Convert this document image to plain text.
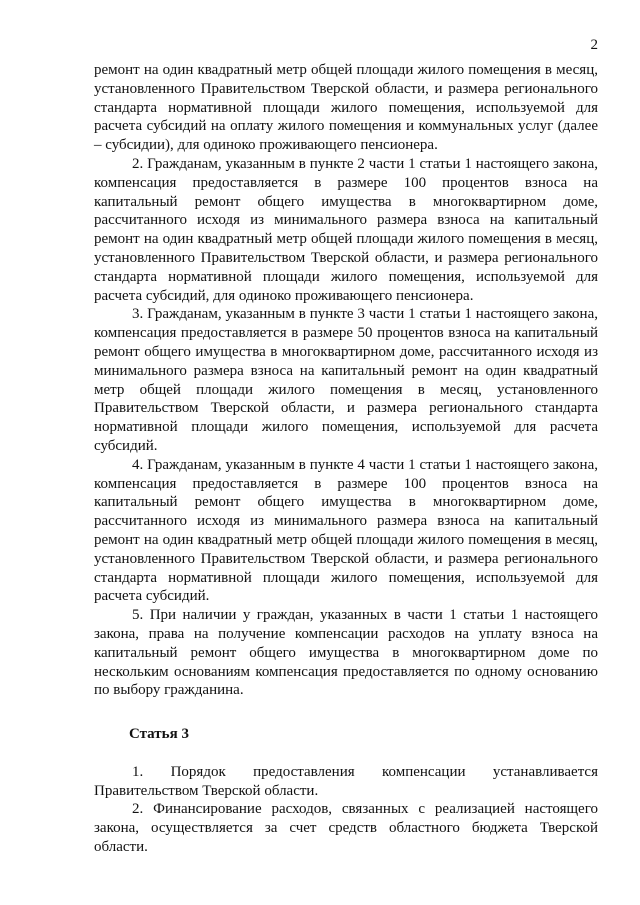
2

ремонт на один квадратный метр общей площади жилого помещения в месяц, установленного Правительством Тверской области, и размера регионального стандарта нормативной площади жилого помещения, используемой для расчета субсидий на оплату жилого помещения и коммунальных услуг (далее – субсидии), для одиноко проживающего пенсионера.

2. Гражданам, указанным в пункте 2 части 1 статьи 1 настоящего закона, компенсация предоставляется в размере 100 процентов взноса на капитальный ремонт общего имущества в многоквартирном доме, рассчитанного исходя из минимального размера взноса на капитальный ремонт на один квадратный метр общей площади жилого помещения в месяц, установленного Правительством Тверской области, и размера регионального стандарта нормативной площади жилого помещения, используемой для расчета субсидий, для одиноко проживающего пенсионера.

3. Гражданам, указанным в пункте 3 части 1 статьи 1 настоящего закона, компенсация предоставляется в размере 50 процентов взноса на капитальный ремонт общего имущества в многоквартирном доме, рассчитанного исходя из минимального размера взноса на капитальный ремонт на один квадратный метр общей площади жилого помещения в месяц, установленного Правительством Тверской области, и размера регионального стандарта нормативной площади жилого помещения, используемой для расчета субсидий.

4. Гражданам, указанным в пункте 4 части 1 статьи 1 настоящего закона, компенсация предоставляется в размере 100 процентов взноса на капитальный ремонт общего имущества в многоквартирном доме, рассчитанного исходя из минимального размера взноса на капитальный ремонт на один квадратный метр общей площади жилого помещения в месяц, установленного Правительством Тверской области, и размера регионального стандарта нормативной площади жилого помещения, используемой для расчета субсидий.

5. При наличии у граждан, указанных в части 1 статьи 1 настоящего закона, права на получение компенсации расходов на уплату взноса на капитальный ремонт общего имущества в многоквартирном доме по нескольким основаниям компенсация предоставляется по одному основанию по выбору гражданина.

Статья 3

1. Порядок предоставления компенсации устанавливается Правительством Тверской области.

2. Финансирование расходов, связанных с реализацией настоящего закона, осуществляется за счет средств областного бюджета Тверской области.
